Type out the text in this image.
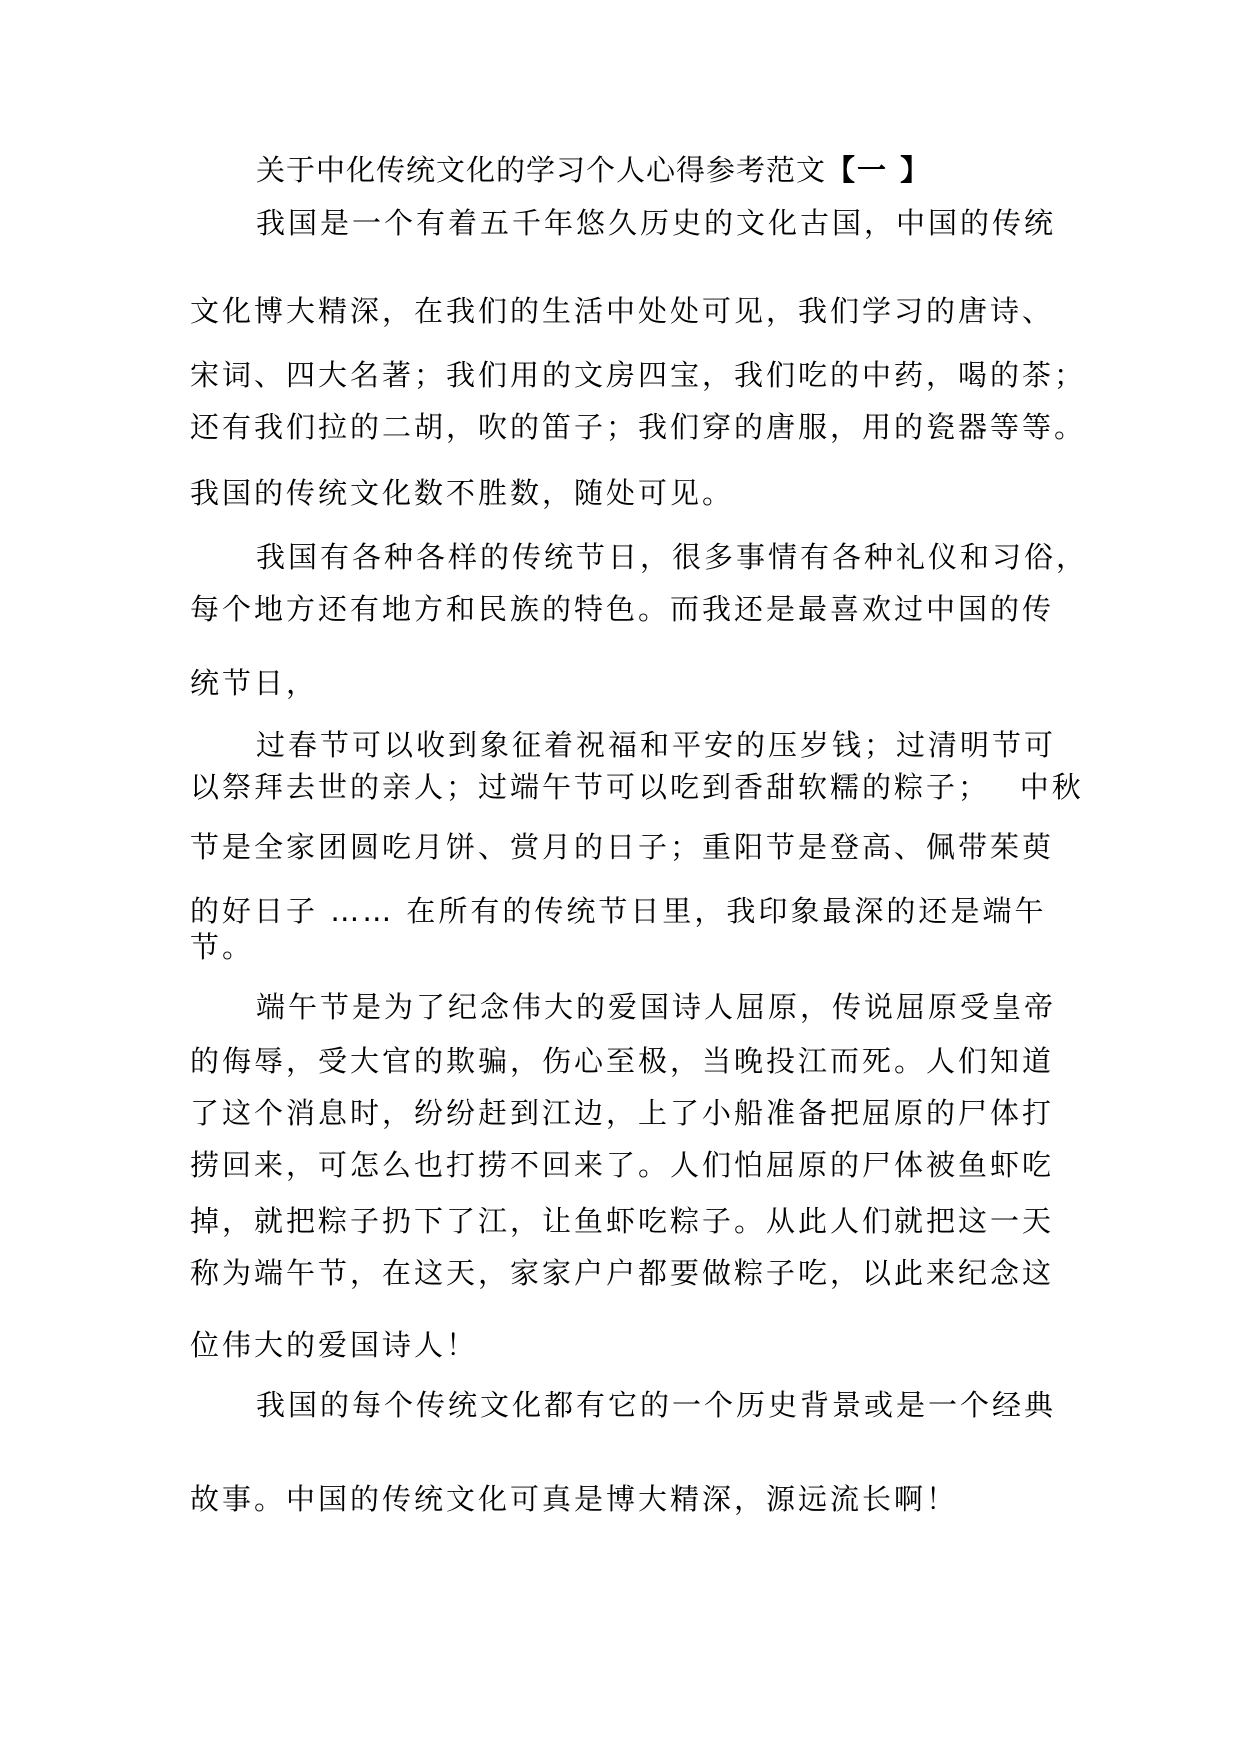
关于中化传统文化的学习个人心得参考范文【一 】

我国是一个有着五千年悠久历史的文化古国，中国的传统

文化博大精深，在我们的生活中处处可见，我们学习的唐诗、

宋词、四大名著；我们用的文房四宝，我们吃的中药，喝的茶；

还有我们拉的二胡，吹的笛子；我们穿的唐服，用的瓷器等等。

我国的传统文化数不胜数，随处可见。

我国有各种各样的传统节日，很多事情有各种礼仪和习俗，

每个地方还有地方和民族的特色。而我还是最喜欢过中国的传

统节日，

过春节可以收到象征着祝福和平安的压岁钱；过清明节可

以祭拜去世的亲人；过端午节可以吃到香甜软糯的粽子；　 中秋

节是全家团圆吃月饼、赏月的日子；重阳节是登高、佩带茱萸

的好日子 …… 在所有的传统节日里，我印象最深的还是端午

节。

端午节是为了纪念伟大的爱国诗人屈原，传说屈原受皇帝

的侮辱，受大官的欺骗，伤心至极，当晚投江而死。人们知道

了这个消息时，纷纷赶到江边，上了小船准备把屈原的尸体打

捞回来，可怎么也打捞不回来了。人们怕屈原的尸体被鱼虾吃

掉，就把粽子扔下了江，让鱼虾吃粽子。从此人们就把这一天

称为端午节，在这天，家家户户都要做粽子吃，以此来纪念这

位伟大的爱国诗人！

我国的每个传统文化都有它的一个历史背景或是一个经典

故事。中国的传统文化可真是博大精深，源远流长啊！
